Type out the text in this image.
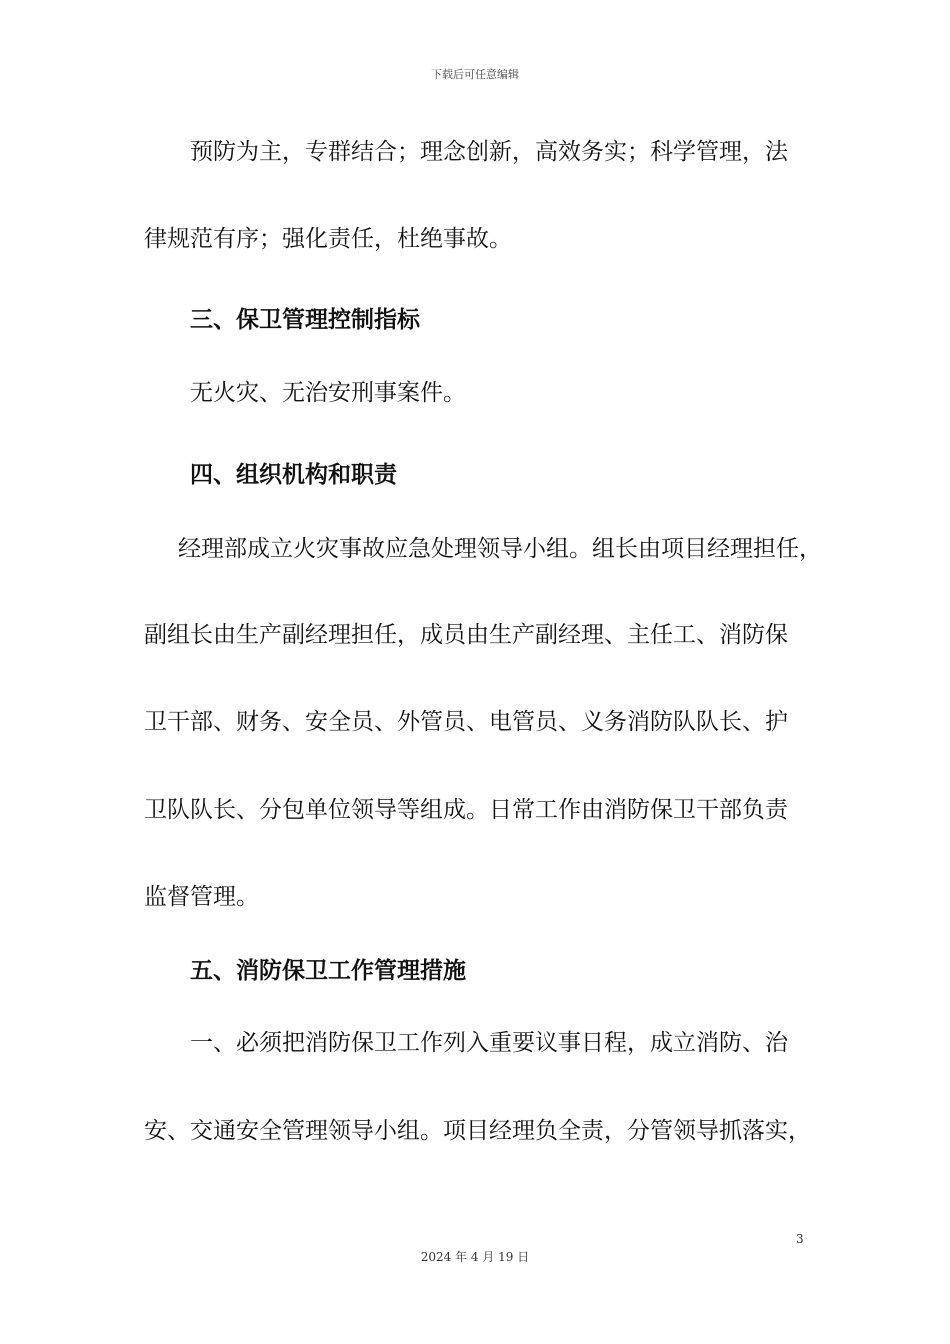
下载后可任意编辑
预防为主，专群结合；理念创新，高效务实；科学管理，法
律规范有序；强化责任，杜绝事故。
三、保卫管理控制指标
无火灾、无治安刑事案件。
四、组织机构和职责
经理部成立火灾事故应急处理领导小组。组长由项目经理担任，
副组长由生产副经理担任，成员由生产副经理、主任工、消防保
卫干部、财务、安全员、外管员、电管员、义务消防队队长、护
卫队队长、分包单位领导等组成。日常工作由消防保卫干部负责
监督管理。
五、消防保卫工作管理措施
一、必须把消防保卫工作列入重要议事日程，成立消防、治
安、交通安全管理领导小组。项目经理负全责，分管领导抓落实，
3
2024 年 4 月 19 日
